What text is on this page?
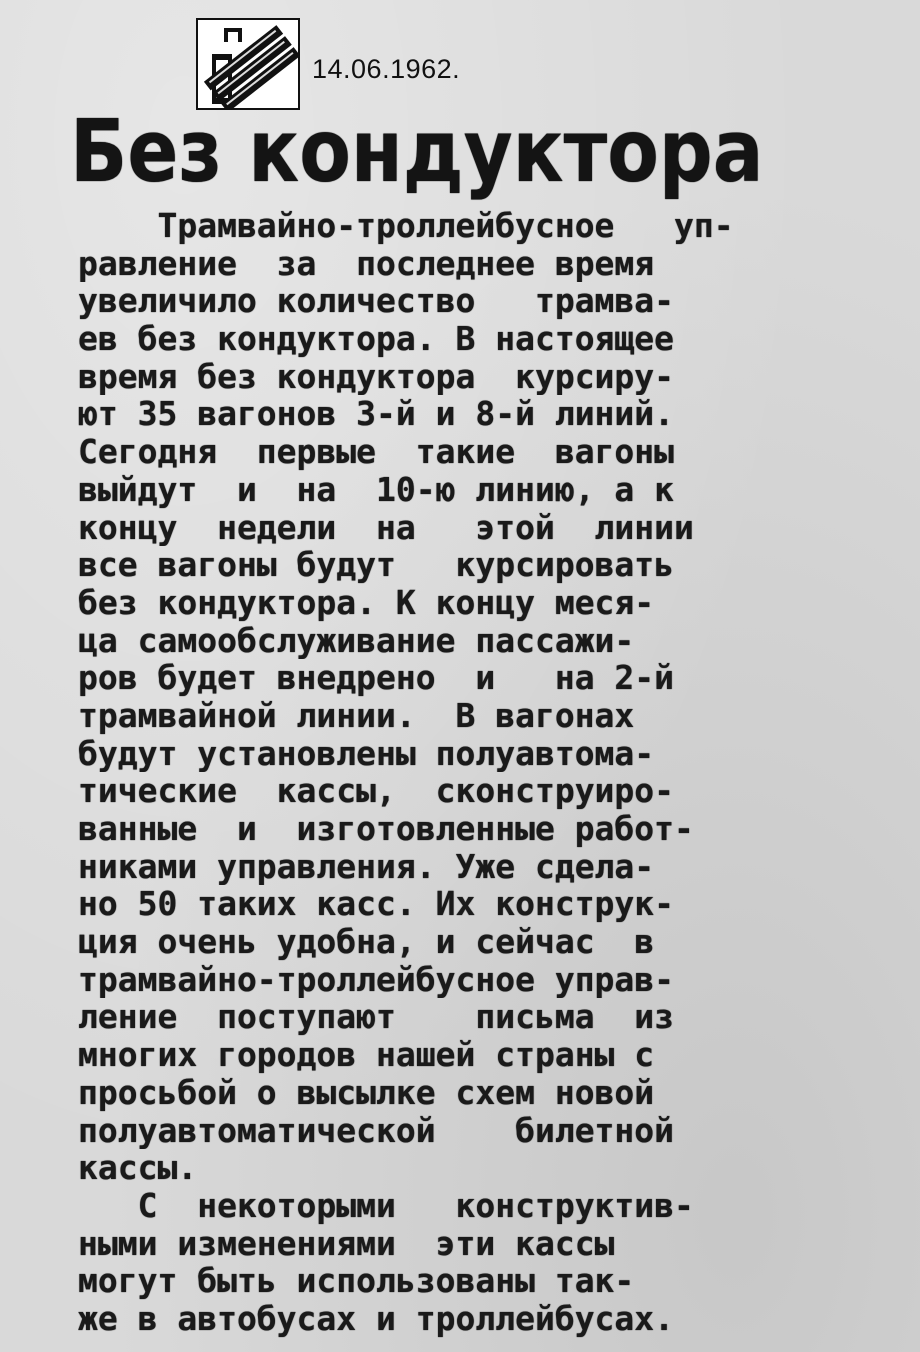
14.06.1962.
Без кондуктора
Трамвайно-троллейбусное   уп-
равление  за  последнее время
увеличило количество   трамва-
ев без кондуктора. В настоящее
время без кондуктора  курсиру-
ют 35 вагонов 3-й и 8-й линий.
Сегодня  первые  такие  вагоны
выйдут  и  на  10-ю линию, а к
концу  недели  на   этой  линии
все вагоны будут   курсировать
без кондуктора. К концу меся-
ца самообслуживание пассажи-
ров будет внедрено  и   на 2-й
трамвайной линии.  В вагонах
будут установлены полуавтома-
тические  кассы,  сконструиро-
ванные  и  изготовленные работ-
никами управления. Уже сдела-
но 50 таких касс. Их конструк-
ция очень удобна, и сейчас  в
трамвайно-троллейбусное управ-
ление  поступают    письма  из
многих городов нашей страны с
просьбой о высылке схем новой
полуавтоматической    билетной
кассы.
С  некоторыми   конструктив-
ными изменениями  эти кассы
могут быть использованы так-
же в автобусах и троллейбусах.
